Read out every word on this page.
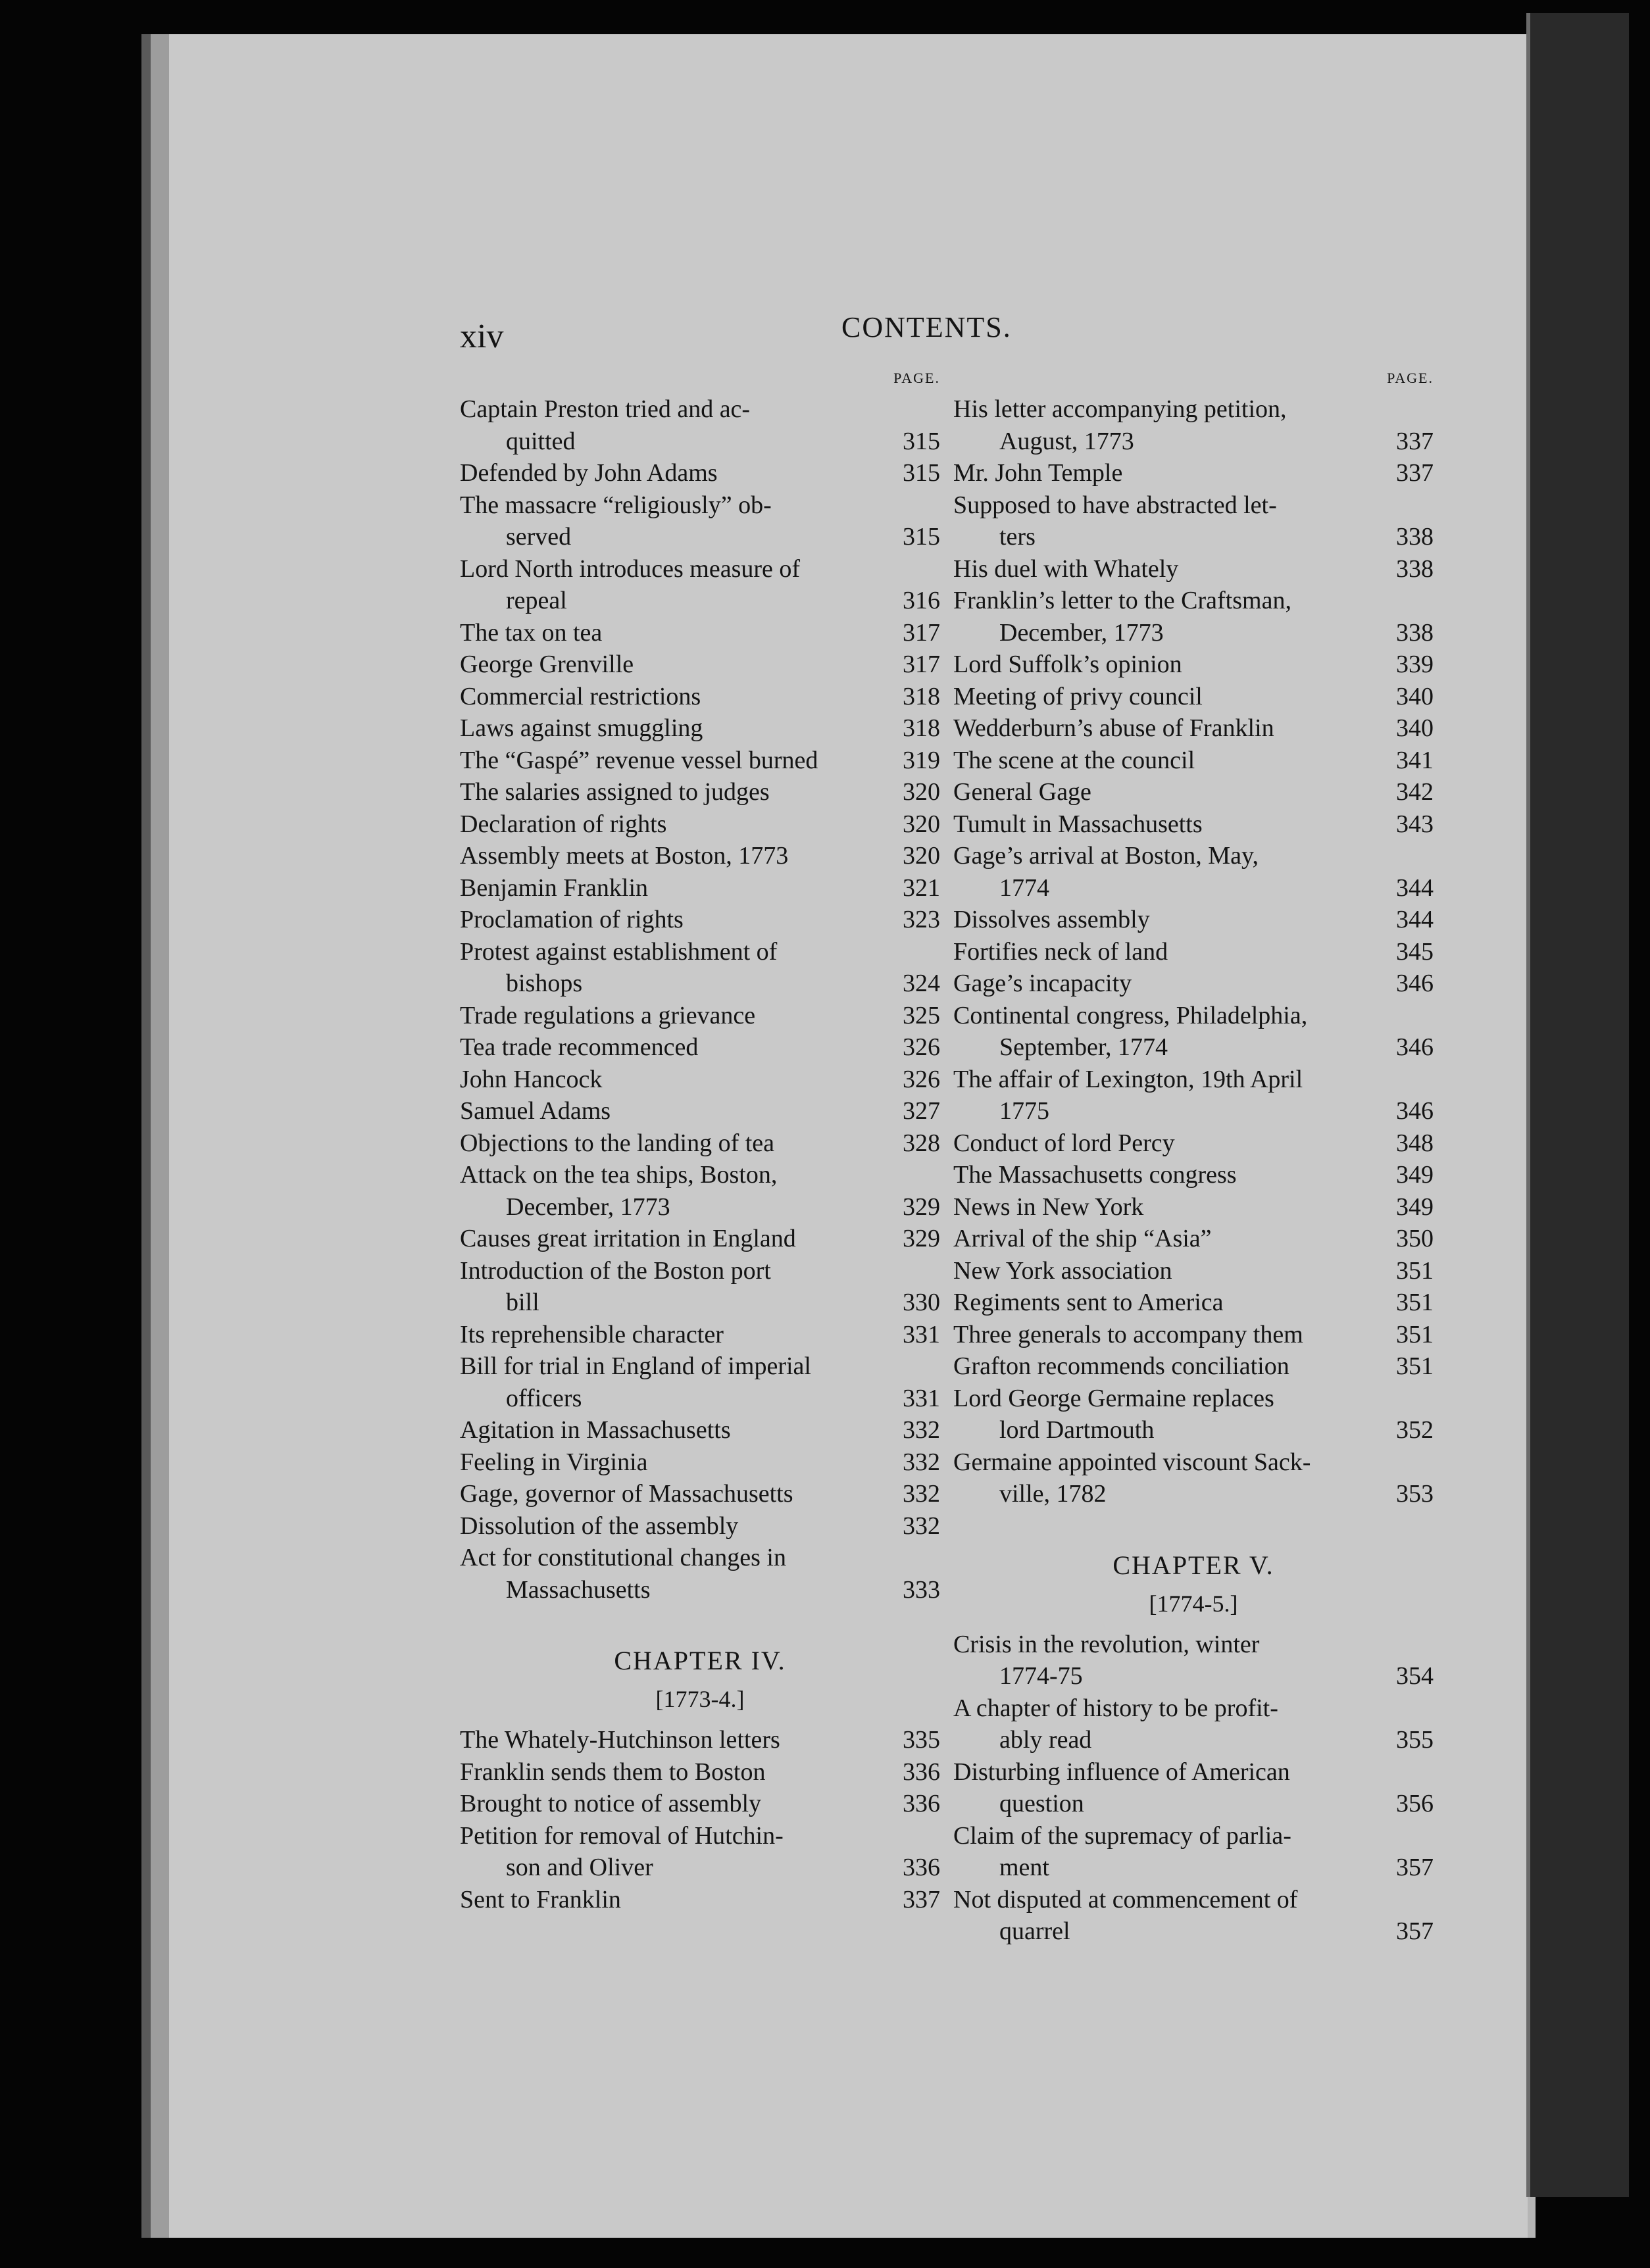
xiv	CONTENTS.
PAGE.
Captain Preston tried and ac-
quitted	315
Defended by John Adams	315
The massacre “religiously” ob-
served	315
Lord North introduces measure of
repeal	316
The tax on tea	317
George Grenville	317
Commercial restrictions	318
Laws against smuggling	318
The “Gaspé” revenue vessel burned	319
The salaries assigned to judges	320
Declaration of rights	320
Assembly meets at Boston, 1773	320
Benjamin Franklin	321
Proclamation of rights	323
Protest against establishment of
bishops	324
Trade regulations a grievance	325
Tea trade recommenced	326
John Hancock	326
Samuel Adams	327
Objections to the landing of tea	328
Attack on the tea ships, Boston,
December, 1773	329
Causes great irritation in England	329
Introduction of the Boston port
bill	330
Its reprehensible character	331
Bill for trial in England of imperial
officers	331
Agitation in Massachusetts	332
Feeling in Virginia	332
Gage, governor of Massachusetts	332
Dissolution of the assembly	332
Act for constitutional changes in
Massachusetts	333
CHAPTER IV.
[1773-4.]
The Whately-Hutchinson letters	335
Franklin sends them to Boston	336
Brought to notice of assembly	336
Petition for removal of Hutchin-
son and Oliver	336
Sent to Franklin	337
PAGE.
His letter accompanying petition,
August, 1773	337
Mr. John Temple	337
Supposed to have abstracted let-
ters	338
His duel with Whately	338
Franklin’s letter to the Craftsman,
December, 1773	338
Lord Suffolk’s opinion	339
Meeting of privy council	340
Wedderburn’s abuse of Franklin	340
The scene at the council	341
General Gage	342
Tumult in Massachusetts	343
Gage’s arrival at Boston, May,
1774	344
Dissolves assembly	344
Fortifies neck of land	345
Gage’s incapacity	346
Continental congress, Philadelphia,
September, 1774	346
The affair of Lexington, 19th April
1775	346
Conduct of lord Percy	348
The Massachusetts congress	349
News in New York	349
Arrival of the ship “Asia”	350
New York association	351
Regiments sent to America	351
Three generals to accompany them	351
Grafton recommends conciliation	351
Lord George Germaine replaces
lord Dartmouth	352
Germaine appointed viscount Sack-
ville, 1782	353
CHAPTER V.
[1774-5.]
Crisis in the revolution, winter
1774-75	354
A chapter of history to be profit-
ably read	355
Disturbing influence of American
question	356
Claim of the supremacy of parlia-
ment	357
Not disputed at commencement of
quarrel	357
